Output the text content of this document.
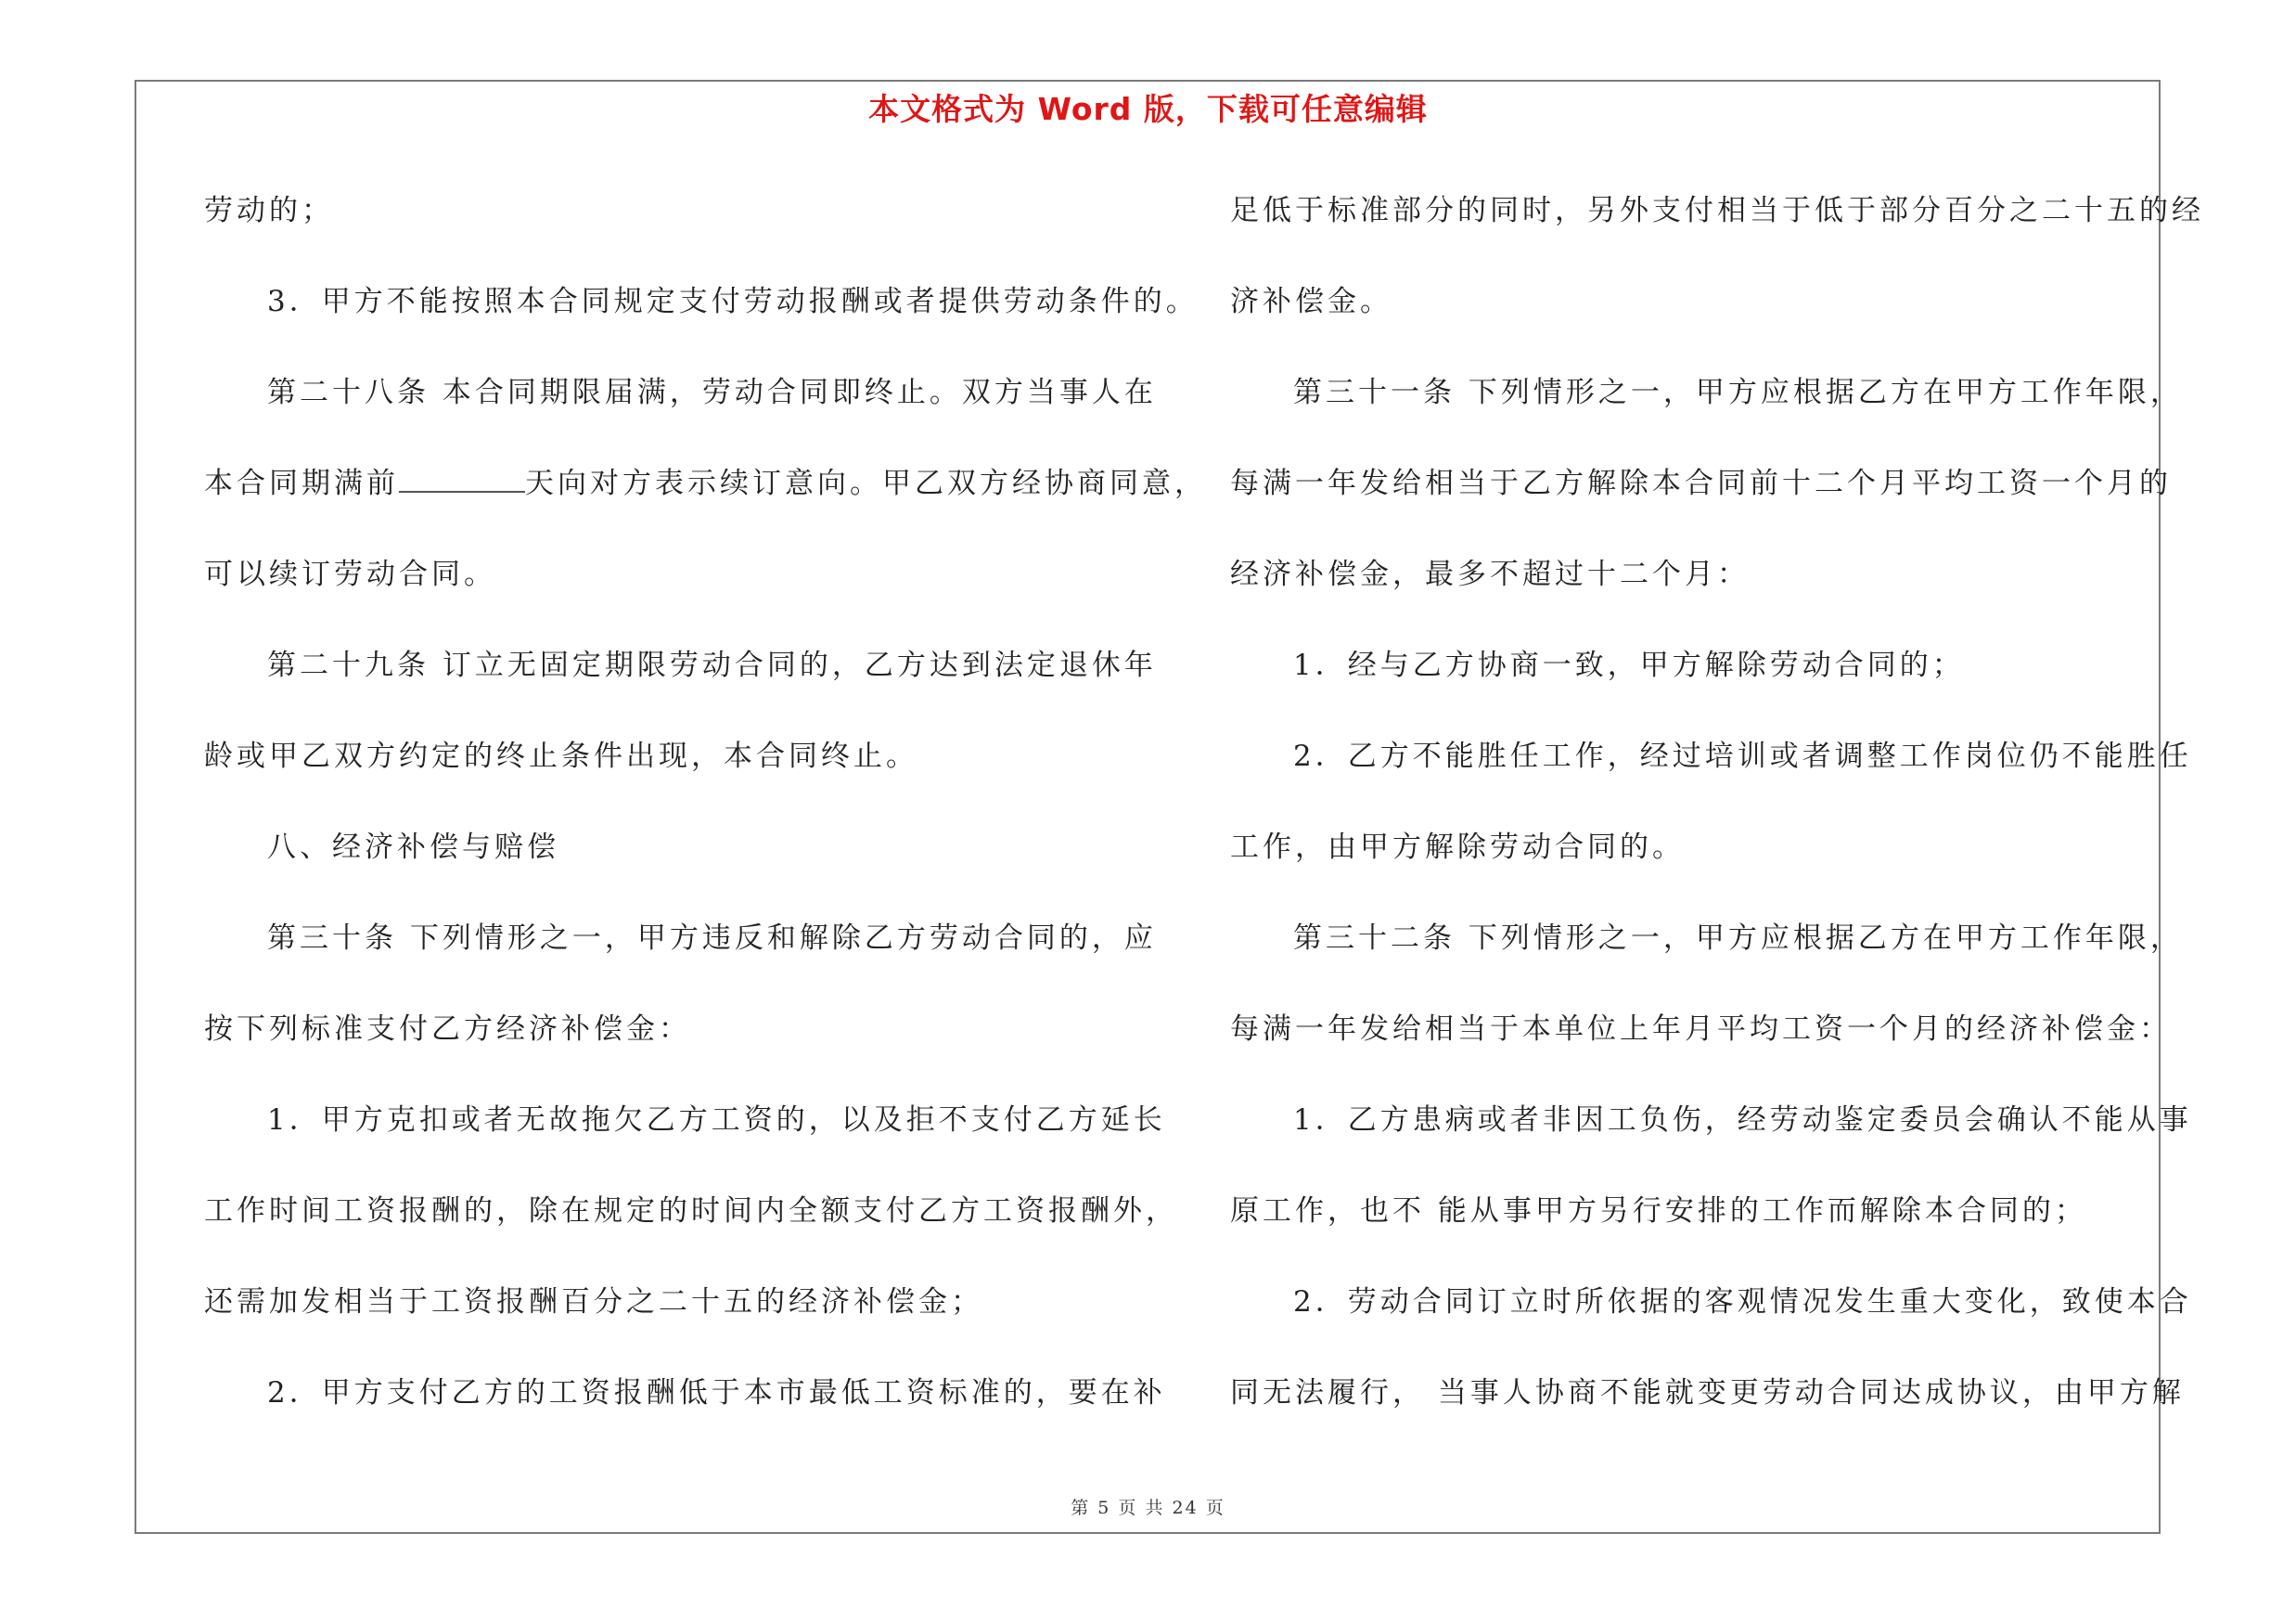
本文格式为 Word 版，下载可任意编辑
劳动的；
3．甲方不能按照本合同规定支付劳动报酬或者提供劳动条件的。
第二十八条 本合同期限届满，劳动合同即终止。双方当事人在
本合同期满前	天向对方表示续订意向。甲乙双方经协商同意，
可以续订劳动合同。
第二十九条 订立无固定期限劳动合同的，乙方达到法定退休年
龄或甲乙双方约定的终止条件出现，本合同终止。
八、经济补偿与赔偿
第三十条 下列情形之一，甲方违反和解除乙方劳动合同的，应
按下列标准支付乙方经济补偿金：
1．甲方克扣或者无故拖欠乙方工资的，以及拒不支付乙方延长
工作时间工资报酬的，除在规定的时间内全额支付乙方工资报酬外，
还需加发相当于工资报酬百分之二十五的经济补偿金；
2．甲方支付乙方的工资报酬低于本市最低工资标准的，要在补
足低于标准部分的同时，另外支付相当于低于部分百分之二十五的经
济补偿金。
第三十一条 下列情形之一，甲方应根据乙方在甲方工作年限，
每满一年发给相当于乙方解除本合同前十二个月平均工资一个月的
经济补偿金，最多不超过十二个月：
1．经与乙方协商一致，甲方解除劳动合同的；
2．乙方不能胜任工作，经过培训或者调整工作岗位仍不能胜任
工作，由甲方解除劳动合同的。
第三十二条 下列情形之一，甲方应根据乙方在甲方工作年限，
每满一年发给相当于本单位上年月平均工资一个月的经济补偿金：
1．乙方患病或者非因工负伤，经劳动鉴定委员会确认不能从事
原工作，也不 能从事甲方另行安排的工作而解除本合同的；
2．劳动合同订立时所依据的客观情况发生重大变化，致使本合
同无法履行， 当事人协商不能就变更劳动合同达成协议，由甲方解
第 5 页 共 24 页
